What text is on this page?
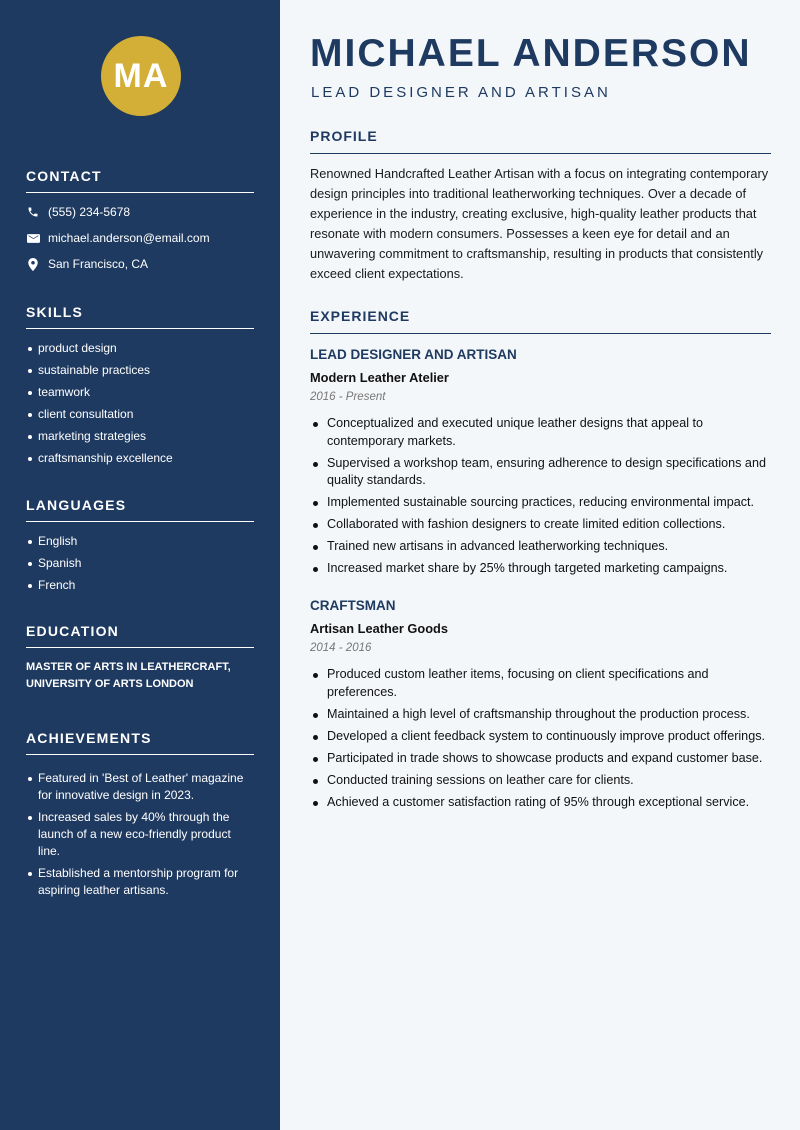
MA
CONTACT
(555) 234-5678
michael.anderson@email.com
San Francisco, CA
SKILLS
product design
sustainable practices
teamwork
client consultation
marketing strategies
craftsmanship excellence
LANGUAGES
English
Spanish
French
EDUCATION
MASTER OF ARTS IN LEATHERCRAFT,
UNIVERSITY OF ARTS LONDON
ACHIEVEMENTS
Featured in 'Best of Leather' magazine for innovative design in 2023.
Increased sales by 40% through the launch of a new eco-friendly product line.
Established a mentorship program for aspiring leather artisans.
MICHAEL ANDERSON
LEAD DESIGNER AND ARTISAN
PROFILE
Renowned Handcrafted Leather Artisan with a focus on integrating contemporary design principles into traditional leatherworking techniques. Over a decade of experience in the industry, creating exclusive, high-quality leather products that resonate with modern consumers. Possesses a keen eye for detail and an unwavering commitment to craftsmanship, resulting in products that consistently exceed client expectations.
EXPERIENCE
LEAD DESIGNER AND ARTISAN
Modern Leather Atelier
2016 - Present
Conceptualized and executed unique leather designs that appeal to contemporary markets.
Supervised a workshop team, ensuring adherence to design specifications and quality standards.
Implemented sustainable sourcing practices, reducing environmental impact.
Collaborated with fashion designers to create limited edition collections.
Trained new artisans in advanced leatherworking techniques.
Increased market share by 25% through targeted marketing campaigns.
CRAFTSMAN
Artisan Leather Goods
2014 - 2016
Produced custom leather items, focusing on client specifications and preferences.
Maintained a high level of craftsmanship throughout the production process.
Developed a client feedback system to continuously improve product offerings.
Participated in trade shows to showcase products and expand customer base.
Conducted training sessions on leather care for clients.
Achieved a customer satisfaction rating of 95% through exceptional service.
